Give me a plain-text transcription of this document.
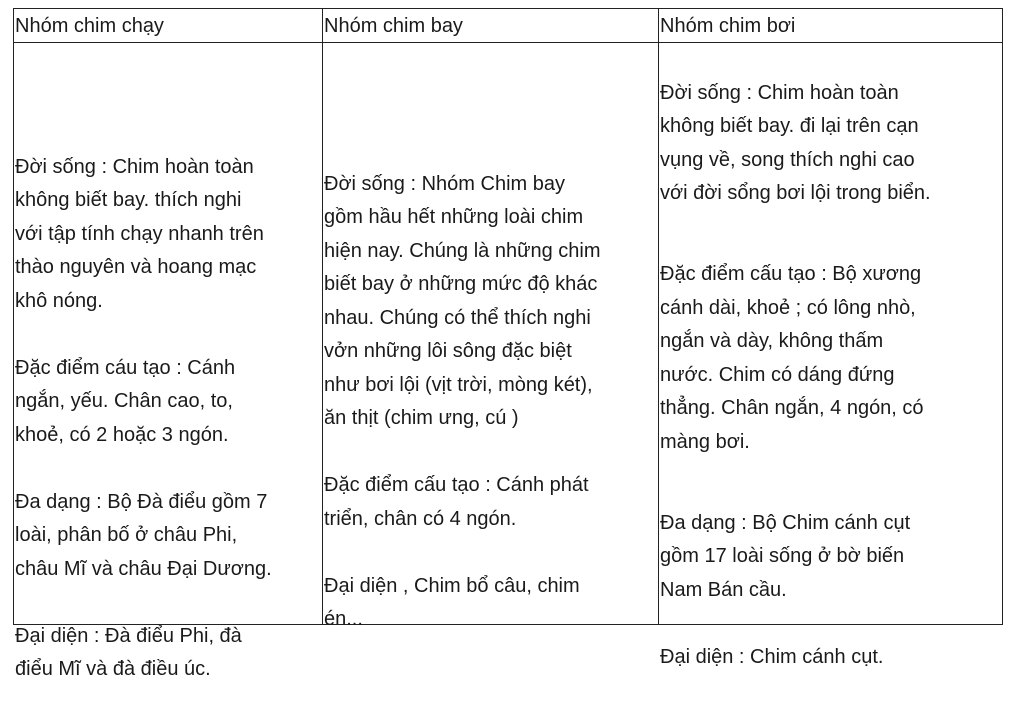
Nhóm chim chạy

Đời sống : Chim hoàn toàn
không biết bay. thích nghi
với tập tính chạy nhanh trên
thào nguyên và hoang mạc
khô nóng.

Đặc điểm cáu tạo : Cánh
ngắn, yếu. Chân cao, to,
khoẻ, có 2 hoặc 3 ngón.

Đa dạng : Bộ Đà điểu gồm 7
loài, phân bố ở châu Phi,
châu Mĩ và châu Đại Dương.

Đại diện : Đà điểu Phi, đà
điểu Mĩ và đà điều úc.

Nhóm chim bay

Đời sống : Nhóm Chim bay
gồm hầu hết những loài chim
hiện nay. Chúng là những chim
biết bay ở những mức độ khác
nhau. Chúng có thể thích nghi
vởn những lôi sông đặc biệt
như bơi lội (vịt trời, mòng két),
ăn thịt (chim ưng, cú )

Đặc điểm cấu tạo : Cánh phát
triển, chân có 4 ngón.

Đại diện , Chim bổ câu, chim
én...

Nhóm chim bơi

Đời sống : Chim hoàn toàn
không biết bay. đi lại trên cạn
vụng về, song thích nghi cao
với đời sổng bơi lội trong biển.

Đặc điểm cấu tạo : Bộ xương
cánh dài, khoẻ ; có lông nhò,
ngắn và dày, không thấm
nước. Chim có dáng đứng
thẳng. Chân ngắn, 4 ngón, có
màng bơi.

Đa dạng : Bộ Chim cánh cụt
gồm 17 loài sống ở bờ biến
Nam Bán cầu.

Đại diện : Chim cánh cụt.
